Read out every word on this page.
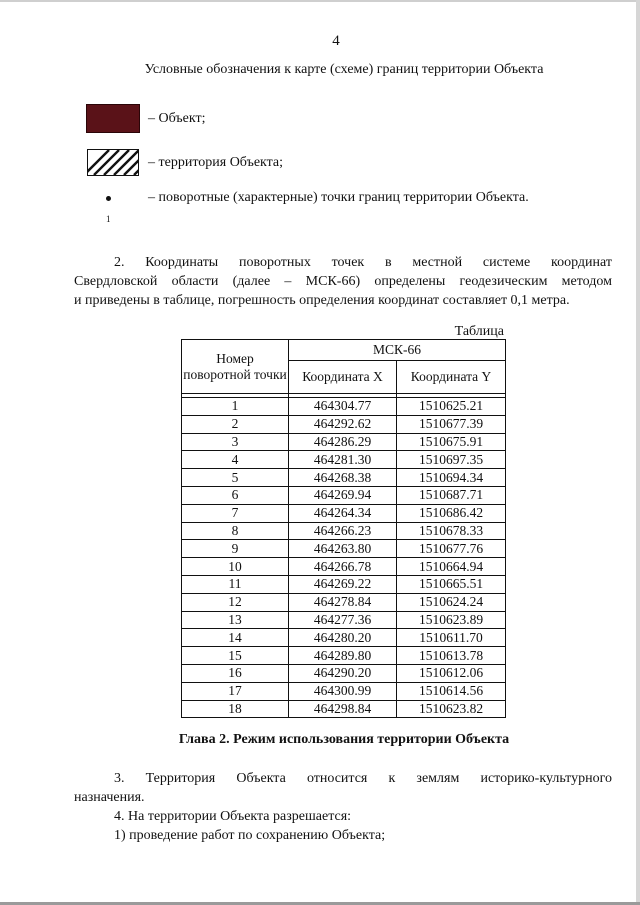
4
Условные обозначения к карте (схеме) границ территории Объекта
– Объект;
– территория Объекта;
1
– поворотные (характерные) точки границ территории Объекта.

2. Координаты поворотных точек в местной системе координат

Свердловской области (далее – МСК-66) определены геодезическим методом

и приведены в таблице, погрешность определения координат составляет 0,1 метра.

Таблица
Номер поворотной точки	МСК-66	
	Координата X	Координата Y

1	464304.77	1510625.21
2	464292.62	1510677.39
3	464286.29	1510675.91
4	464281.30	1510697.35
5	464268.38	1510694.34
6	464269.94	1510687.71
7	464264.34	1510686.42
8	464266.23	1510678.33
9	464263.80	1510677.76
10	464266.78	1510664.94
11	464269.22	1510665.51
12	464278.84	1510624.24
13	464277.36	1510623.89
14	464280.20	1510611.70
15	464289.80	1510613.78
16	464290.20	1510612.06
17	464300.99	1510614.56
18	464298.84	1510623.82
Глава 2. Режим использования территории Объекта

3. Территория Объекта относится к землям историко-культурного

назначения.

4. На территории Объекта разрешается:

1) проведение работ по сохранению Объекта;
